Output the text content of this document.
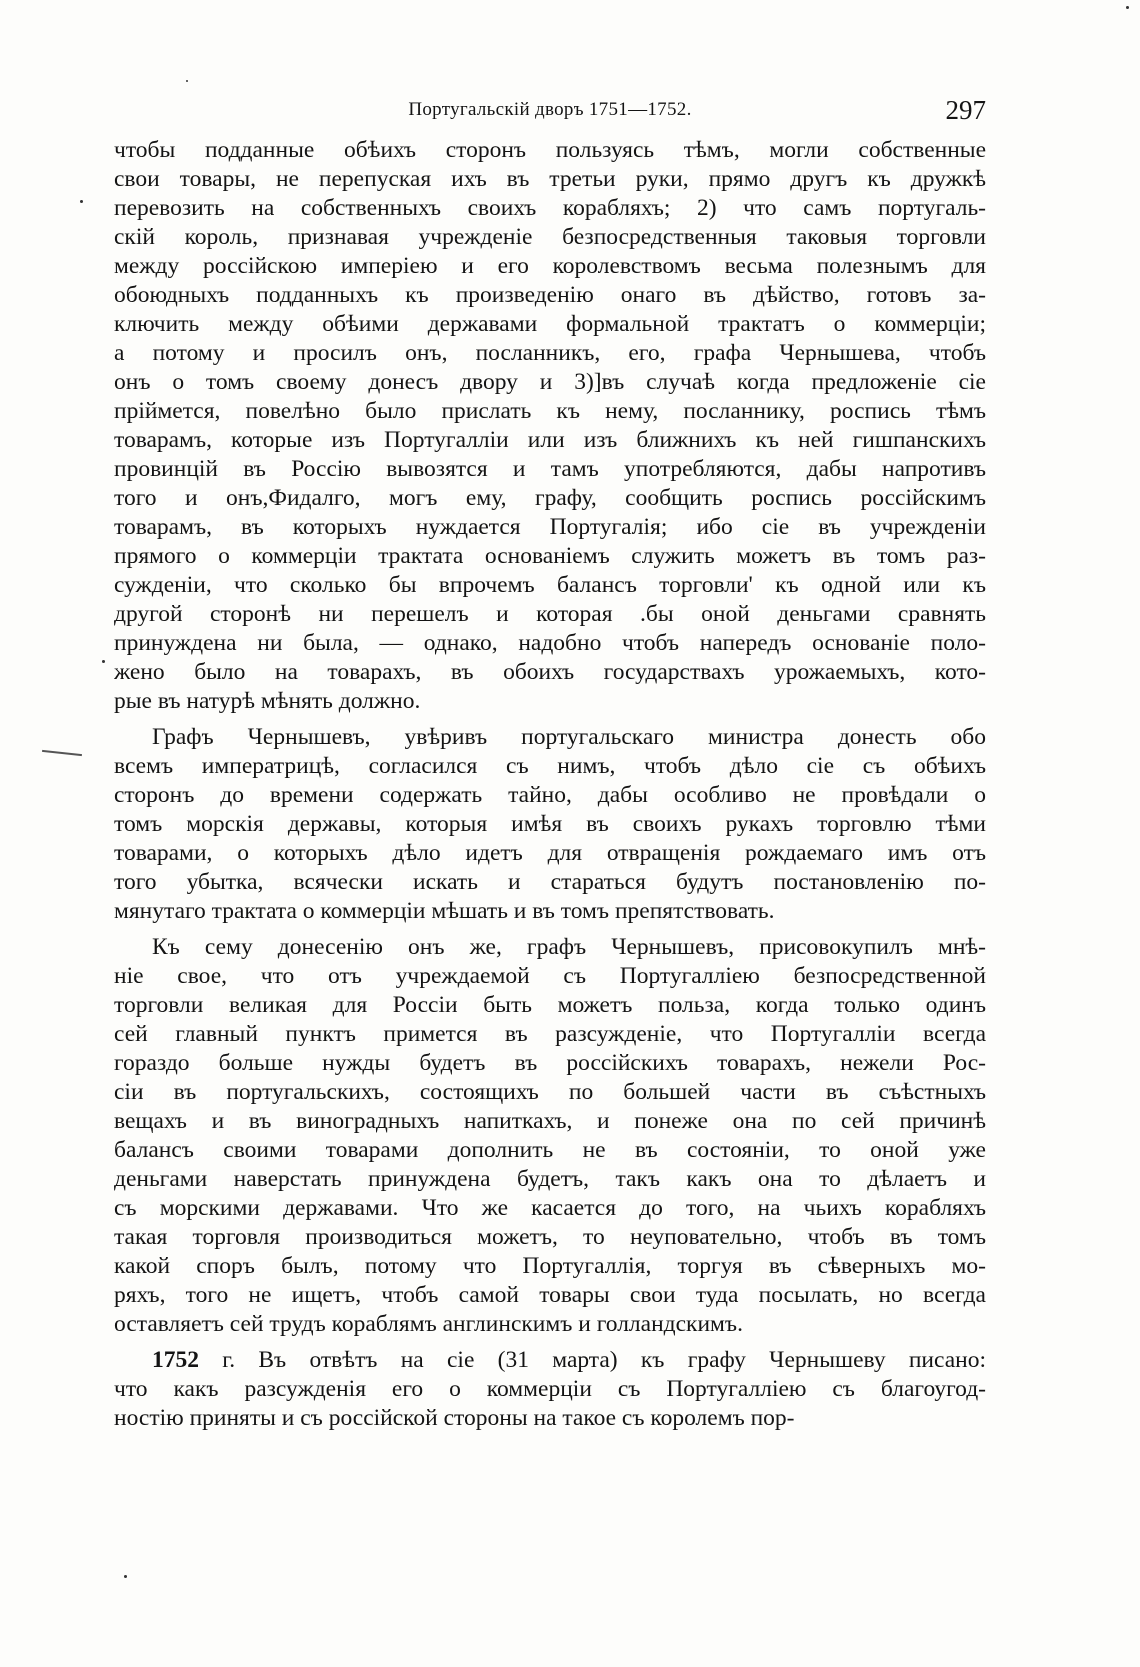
Португальскій дворъ 1751—1752.	297
чтобы подданные обѣихъ сторонъ пользуясь тѣмъ, могли собственные
свои товары, не перепуская ихъ въ третьи руки, прямо другъ къ дружкѣ
перевозить на собственныхъ своихъ корабляхъ; 2) что самъ португаль-
скій король, признавая учрежденіе безпосредственныя таковыя торговли
между россійскою имперіею и его королевствомъ весьма полезнымъ для
обоюдныхъ подданныхъ къ произведенію онаго въ дѣйство, готовъ за-
ключить между обѣими державами формальной трактатъ о коммерціи;
а потому и просилъ онъ, посланникъ, его, графа Чернышева, чтобъ
онъ о томъ своему донесъ двору и 3)]въ случаѣ когда предложеніе сіе
пріймется, повелѣно было прислать къ нему, посланнику, роспись тѣмъ
товарамъ, которые изъ Португалліи или изъ ближнихъ къ ней гишпанскихъ
провинцій въ Россію вывозятся и тамъ употребляются, дабы напротивъ
того и онъ,Фидалго, могъ ему, графу, сообщить роспись россійскимъ
товарамъ, въ которыхъ нуждается Португалія; ибо сіе въ учрежденіи
прямого о коммерціи трактата основаніемъ служить можетъ въ томъ раз-
сужденіи, что сколько бы впрочемъ балансъ торговли' къ одной или къ
другой сторонѣ ни перешелъ и которая .бы оной деньгами сравнять
принуждена ни была, — однако, надобно чтобъ напередъ основаніе поло-
жено было на товарахъ, въ обоихъ государствахъ урожаемыхъ, кото-
рые въ натурѣ мѣнять должно.
Графъ Чернышевъ, увѣривъ португальскаго министра донесть обо
всемъ императрицѣ, согласился съ нимъ, чтобъ дѣло сіе съ обѣихъ
сторонъ до времени содержать тайно, дабы особливо не провѣдали о
томъ морскія державы, которыя имѣя въ своихъ рукахъ торговлю тѣми
товарами, о которыхъ дѣло идетъ для отвращенія рождаемаго имъ отъ
того убытка, всячески искать и стараться будутъ постановленію по-
мянутаго трактата о коммерціи мѣшать и въ томъ препятствовать.
Къ сему донесенію онъ же, графъ Чернышевъ, присовокупилъ мнѣ-
ніе свое, что отъ учреждаемой съ Португалліею безпосредственной
торговли великая для Россіи быть можетъ польза, когда только одинъ
сей главный пунктъ примется въ разсужденіе, что Португалліи всегда
гораздо больше нужды будетъ въ россійскихъ товарахъ, нежели Рос-
сіи въ португальскихъ, состоящихъ по большей части въ съѣстныхъ
вещахъ и въ виноградныхъ напиткахъ, и понеже она по сей причинѣ
балансъ своими товарами дополнить не въ состояніи, то оной уже
деньгами наверстать принуждена будетъ, такъ какъ она то дѣлаетъ и
съ морскими державами. Что же касается до того, на чьихъ корабляхъ
такая торговля производиться можетъ, то неуповательно, чтобъ въ томъ
какой споръ былъ, потому что Португаллія, торгуя въ сѣверныхъ мо-
ряхъ, того не ищетъ, чтобъ самой товары свои туда посылать, но всегда
оставляетъ сей трудъ кораблямъ англинскимъ и голландскимъ.
1752 г. Въ отвѣтъ на сіе (31 марта) къ графу Чернышеву писано:
что какъ разсужденія его о коммерціи съ Португалліею съ благоугод-
ностію приняты и съ россійской стороны на такое съ королемъ пор-
